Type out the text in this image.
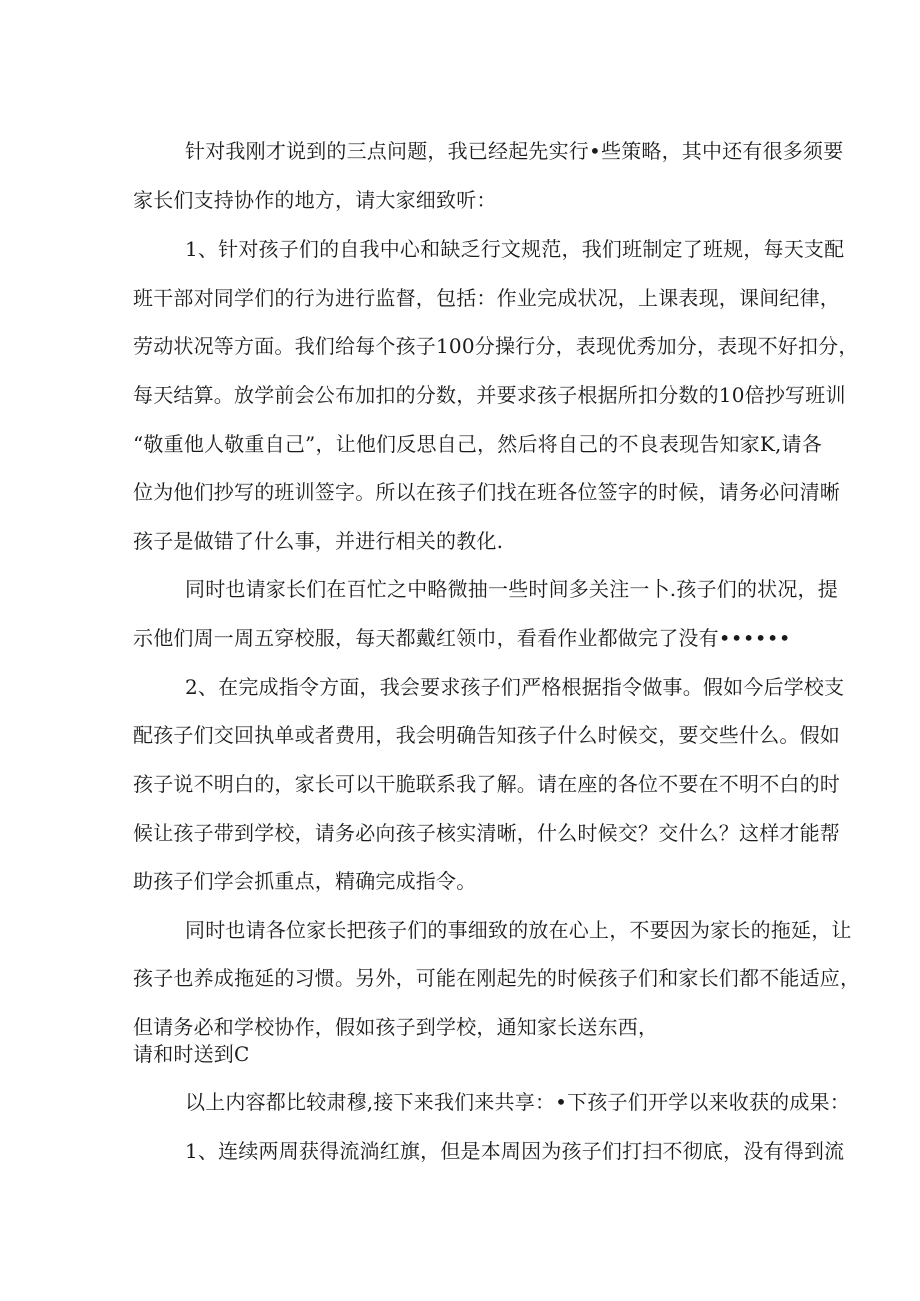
针对我刚才说到的三点问题，我已经起先实行•些策略，其中还有很多须要
家长们支持协作的地方，请大家细致听：
1、针对孩子们的自我中心和缺乏行文规范，我们班制定了班规，每天支配
班干部对同学们的行为进行监督，包括：作业完成状况，上课表现，课间纪律，
劳动状况等方面。我们给每个孩子100分操行分，表现优秀加分，表现不好扣分，
每天结算。放学前会公布加扣的分数，并要求孩子根据所扣分数的10倍抄写班训
“敬重他人敬重自己”，让他们反思自己，然后将自己的不良表现告知家K,请各
位为他们抄写的班训签字。所以在孩子们找在班各位签字的时候，请务必问清晰
孩子是做错了什么事，并进行相关的教化.
同时也请家长们在百忙之中略微抽一些时间多关注一卜.孩子们的状况，提
示他们周一周五穿校服，每天都戴红领巾，看看作业都做完了没有••••••
2、在完成指令方面，我会要求孩子们严格根据指令做事。假如今后学校支
配孩子们交回执单或者费用，我会明确告知孩子什么时候交，要交些什么。假如
孩子说不明白的，家长可以干脆联系我了解。请在座的各位不要在不明不白的时
候让孩子带到学校，请务必向孩子核实清晰，什么时候交？交什么？这样才能帮
助孩子们学会抓重点，精确完成指令。
同时也请各位家长把孩子们的事细致的放在心上，不要因为家长的拖延，让
孩子也养成拖延的习惯。另外，可能在刚起先的时候孩子们和家长们都不能适应，
但请务必和学校协作，假如孩子到学校，通知家长送东西，
请和时送到C
以上内容都比较肃穆,接下来我们来共享：•下孩子们开学以来收获的成果：
1、连续两周获得流淌红旗，但是本周因为孩子们打扫不彻底，没有得到流
